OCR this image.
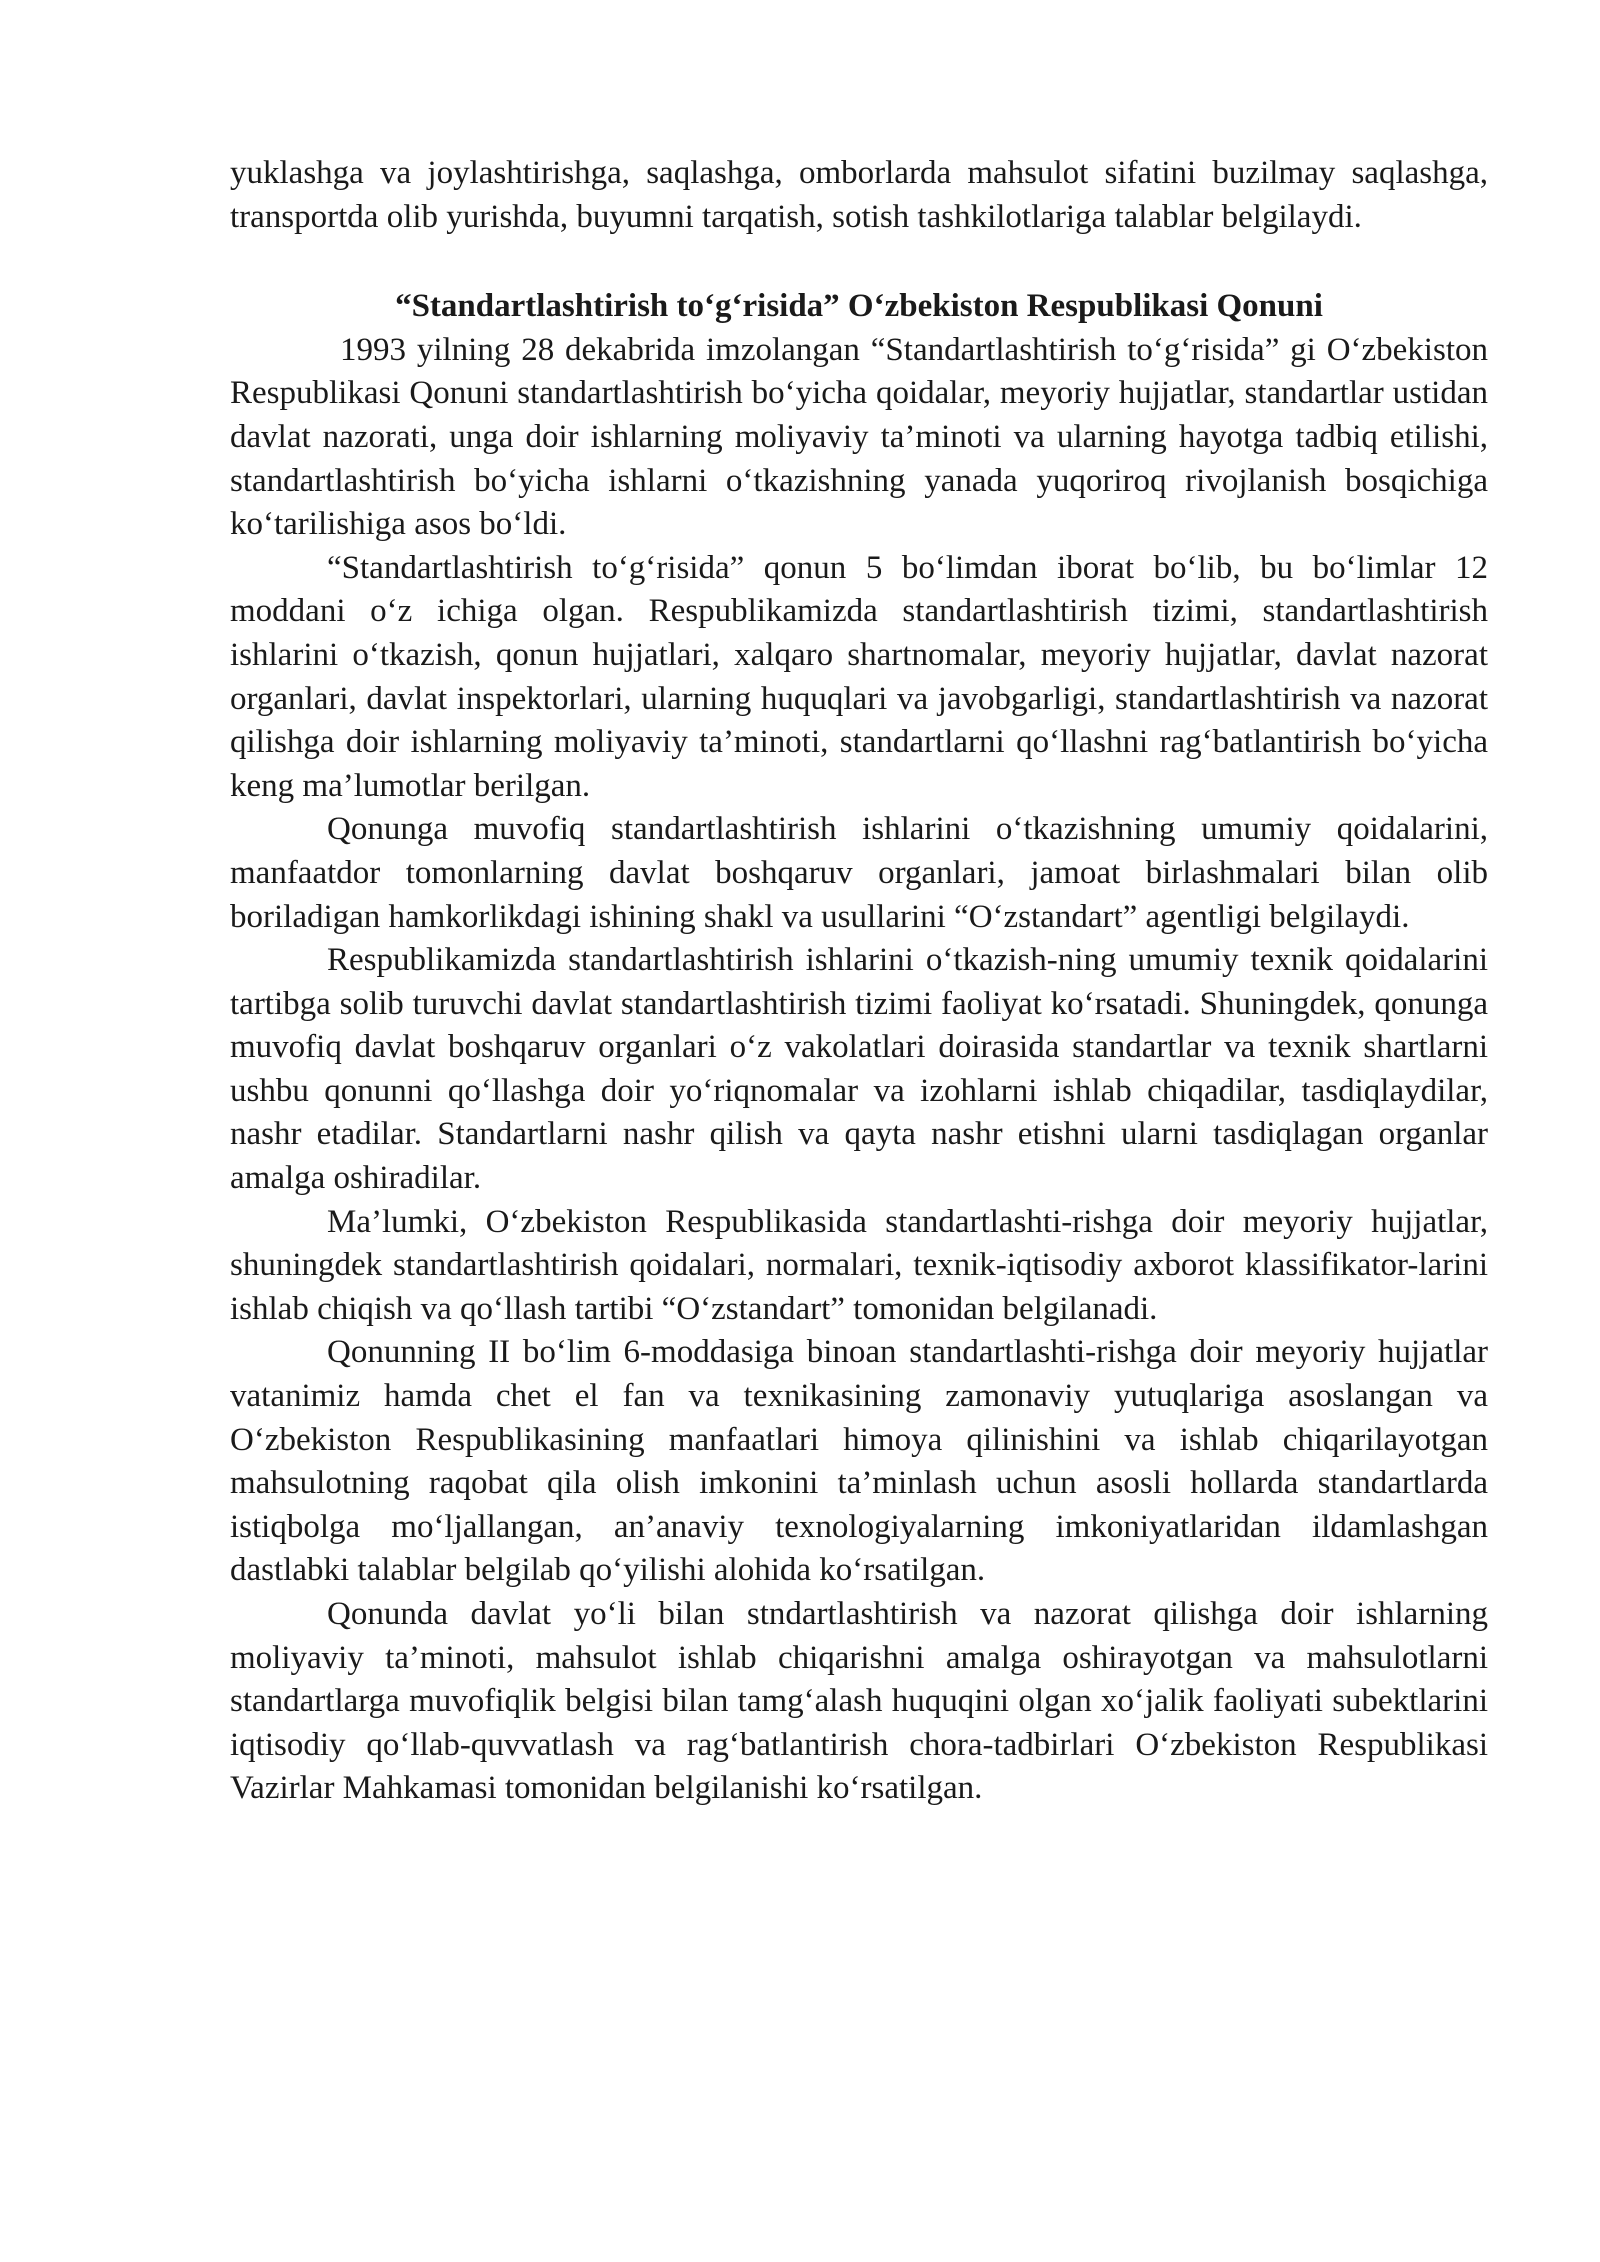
yuklashga va joylashtirishga, saqlashga, omborlarda mahsulot sifatini buzilmay saqlashga, transportda olib yurishda, buyumni tarqatish, sotish tashkilotlariga talablar belgilaydi.

“Standartlashtirish to‘g‘risida” O‘zbekiston Respublikasi Qonuni

1993 yilning 28 dekabrida imzolangan “Standartlashtirish to‘g‘risida” gi O‘zbekiston Respublikasi Qonuni standartlashtirish bo‘yicha qoidalar, meyoriy hujjatlar, standartlar ustidan davlat nazorati, unga doir ishlarning moliyaviy ta’minoti va ularning hayotga tadbiq etilishi, standartlashtirish bo‘yicha ishlarni o‘tkazishning yanada yuqoriroq rivojlanish bosqichiga ko‘tarilishiga asos bo‘ldi.

“Standartlashtirish to‘g‘risida” qonun 5 bo‘limdan iborat bo‘lib, bu bo‘limlar 12 moddani o‘z ichiga olgan. Respublikamizda standartlashtirish tizimi, standartlashtirish ishlarini o‘tkazish, qonun hujjatlari, xalqaro shartnomalar, meyoriy hujjatlar, davlat nazorat organlari, davlat inspektorlari, ularning huquqlari va javobgarligi, standartlashtirish va nazorat qilishga doir ishlarning moliyaviy ta’minoti, standartlarni qo‘llashni rag‘batlantirish bo‘yicha keng ma’lumotlar berilgan.

Qonunga muvofiq standartlashtirish ishlarini o‘tkazishning umumiy qoidalarini, manfaatdor tomonlarning davlat boshqaruv organlari, jamoat birlashmalari bilan olib boriladigan hamkorlikdagi ishining shakl va usullarini “O‘zstandart” agentligi belgilaydi.

Respublikamizda standartlashtirish ishlarini o‘tkazish-ning umumiy texnik qoidalarini tartibga solib turuvchi davlat standartlashtirish tizimi faoliyat ko‘rsatadi. Shuningdek, qonunga muvofiq davlat boshqaruv organlari o‘z vakolatlari doirasida standartlar va texnik shartlarni ushbu qonunni qo‘llashga doir yo‘riqnomalar va izohlarni ishlab chiqadilar, tasdiqlaydilar, nashr etadilar. Standartlarni nashr qilish va qayta nashr etishni ularni tasdiqlagan organlar amalga oshiradilar.

Ma’lumki, O‘zbekiston Respublikasida standartlashti-rishga doir meyoriy hujjatlar, shuningdek standartlashtirish qoidalari, normalari, texnik-iqtisodiy axborot klassifikator-larini ishlab chiqish va qo‘llash tartibi “O‘zstandart” tomonidan belgilanadi.

Qonunning II bo‘lim 6-moddasiga binoan standartlashti-rishga doir meyoriy hujjatlar vatanimiz hamda chet el fan va texnikasining zamonaviy yutuqlariga asoslangan va O‘zbekiston Respublikasining manfaatlari himoya qilinishini va ishlab chiqarilayotgan mahsulotning raqobat qila olish imkonini ta’minlash uchun asosli hollarda standartlarda istiqbolga mo‘ljallangan, an’anaviy texnologiyalarning imkoniyatlaridan ildamlashgan dastlabki talablar belgilab qo‘yilishi alohida ko‘rsatilgan.

Qonunda davlat yo‘li bilan stndartlashtirish va nazorat qilishga doir ishlarning moliyaviy ta’minoti, mahsulot ishlab chiqarishni amalga oshirayotgan va mahsulotlarni standartlarga muvofiqlik belgisi bilan tamg‘alash huquqini olgan xo‘jalik faoliyati subektlarini iqtisodiy qo‘llab-quvvatlash va rag‘batlantirish chora-tadbirlari O‘zbekiston Respublikasi Vazirlar Mahkamasi tomonidan belgilanishi ko‘rsatilgan.
